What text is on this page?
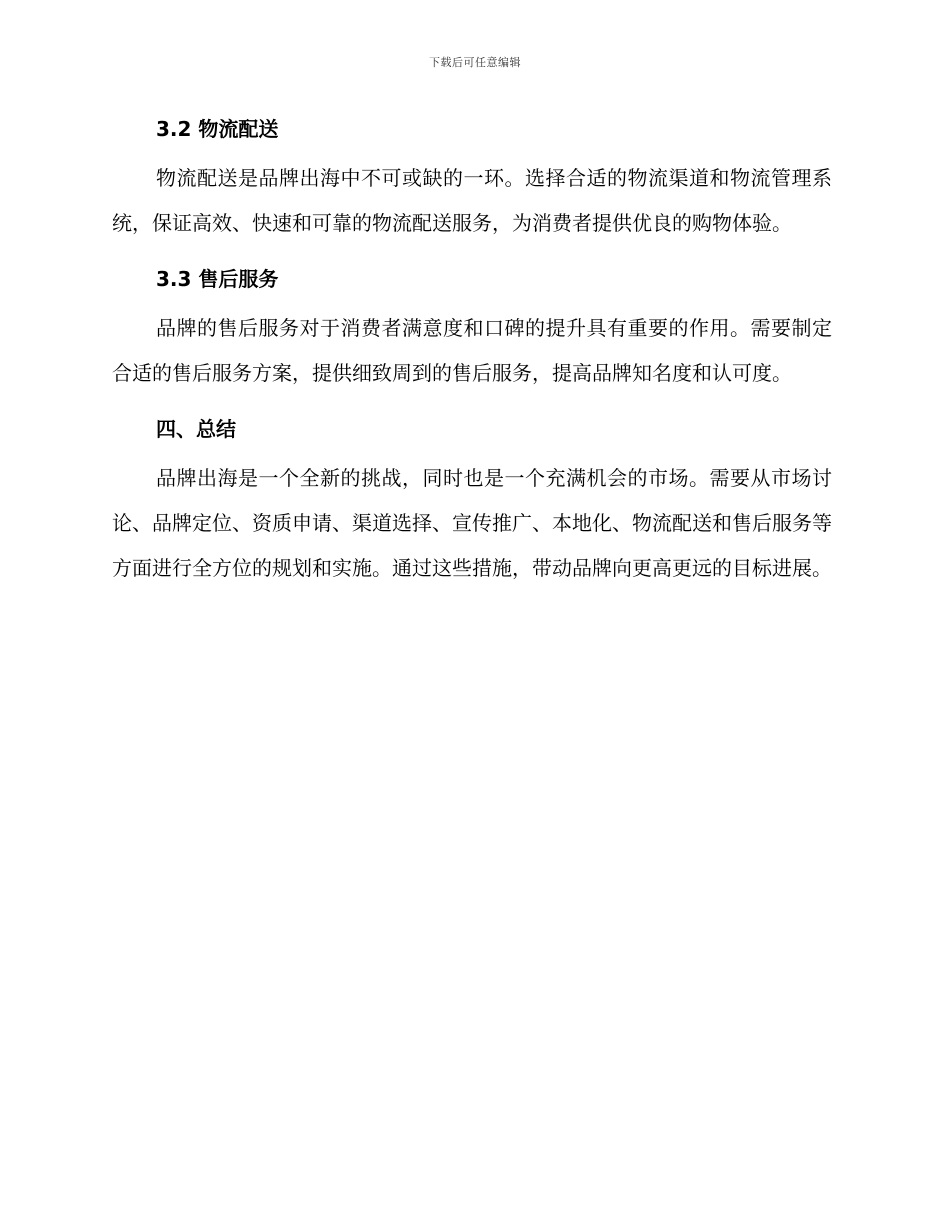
下载后可任意编辑
3.2 物流配送

物流配送是品牌出海中不可或缺的一环。选择合适的物流渠道和物流管理系统，保证高效、快速和可靠的物流配送服务，为消费者提供优良的购物体验。

3.3 售后服务

品牌的售后服务对于消费者满意度和口碑的提升具有重要的作用。需要制定合适的售后服务方案，提供细致周到的售后服务，提高品牌知名度和认可度。

四、总结

品牌出海是一个全新的挑战，同时也是一个充满机会的市场。需要从市场讨论、品牌定位、资质申请、渠道选择、宣传推广、本地化、物流配送和售后服务等方面进行全方位的规划和实施。通过这些措施，带动品牌向更高更远的目标进展。
